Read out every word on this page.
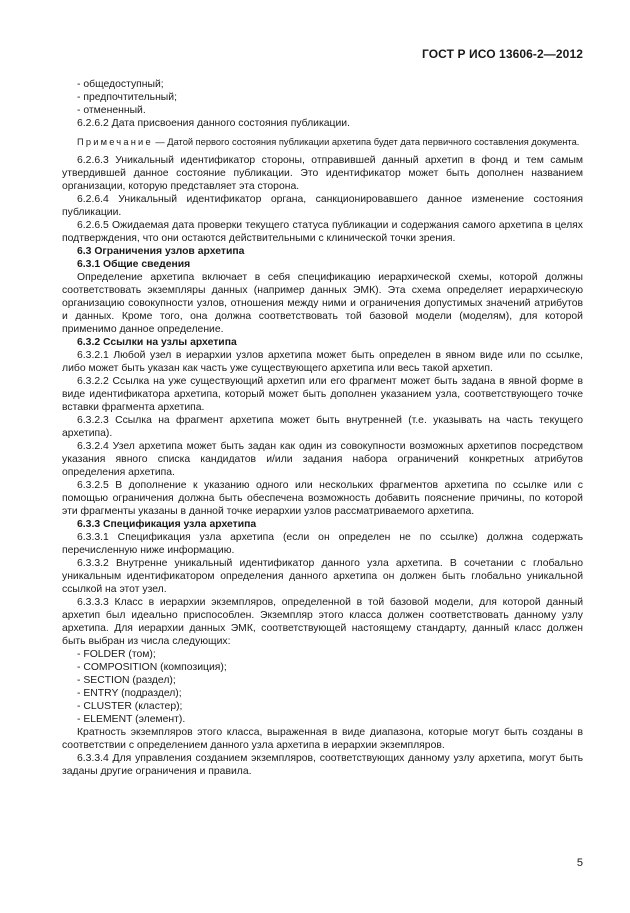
ГОСТ Р ИСО 13606-2—2012

- общедоступный;

- предпочтительный;

- отмененный.

6.2.6.2 Дата присвоения данного состояния публикации.

Примечание — Датой первого состояния публикации архетипа будет дата первичного составления документа.

6.2.6.3 Уникальный идентификатор стороны, отправившей данный архетип в фонд и тем самым утвердившей данное состояние публикации. Это идентификатор может быть дополнен названием организации, которую представляет эта сторона.

6.2.6.4 Уникальный идентификатор органа, санкционировавшего данное изменение состояния публикации.

6.2.6.5 Ожидаемая дата проверки текущего статуса публикации и содержания самого архетипа в целях подтверждения, что они остаются действительными с клинической точки зрения.

6.3 Ограничения узлов архетипа

6.3.1 Общие сведения

Определение архетипа включает в себя спецификацию иерархической схемы, которой должны соответствовать экземпляры данных (например данных ЭМК). Эта схема определяет иерархическую организацию совокупности узлов, отношения между ними и ограничения допустимых значений атрибутов и данных. Кроме того, она должна соответствовать той базовой модели (моделям), для которой применимо данное определение.

6.3.2 Ссылки на узлы архетипа

6.3.2.1 Любой узел в иерархии узлов архетипа может быть определен в явном виде или по ссылке, либо может быть указан как часть уже существующего архетипа или весь такой архетип.

6.3.2.2 Ссылка на уже существующий архетип или его фрагмент может быть задана в явной форме в виде идентификатора архетипа, который может быть дополнен указанием узла, соответствующего точке вставки фрагмента архетипа.

6.3.2.3 Ссылка на фрагмент архетипа может быть внутренней (т.е. указывать на часть текущего архетипа).

6.3.2.4 Узел архетипа может быть задан как один из совокупности возможных архетипов посредством указания явного списка кандидатов и/или задания набора ограничений конкретных атрибутов определения архетипа.

6.3.2.5 В дополнение к указанию одного или нескольких фрагментов архетипа по ссылке или с помощью ограничения должна быть обеспечена возможность добавить пояснение причины, по которой эти фрагменты указаны в данной точке иерархии узлов рассматриваемого архетипа.

6.3.3 Спецификация узла архетипа

6.3.3.1 Спецификация узла архетипа (если он определен не по ссылке) должна содержать перечисленную ниже информацию.

6.3.3.2 Внутренне уникальный идентификатор данного узла архетипа. В сочетании с глобально уникальным идентификатором определения данного архетипа он должен быть глобально уникальной ссылкой на этот узел.

6.3.3.3 Класс в иерархии экземпляров, определенной в той базовой модели, для которой данный архетип был идеально приспособлен. Экземпляр этого класса должен соответствовать данному узлу архетипа. Для иерархии данных ЭМК, соответствующей настоящему стандарту, данный класс должен быть выбран из числа следующих:

- FOLDER (том);

- COMPOSITION (композиция);

- SECTION (раздел);

- ENTRY (подраздел);

- CLUSTER (кластер);

- ELEMENT (элемент).

Кратность экземпляров этого класса, выраженная в виде диапазона, которые могут быть созданы в соответствии с определением данного узла архетипа в иерархии экземпляров.

6.3.3.4 Для управления созданием экземпляров, соответствующих данному узлу архетипа, могут быть заданы другие ограничения и правила.

5
